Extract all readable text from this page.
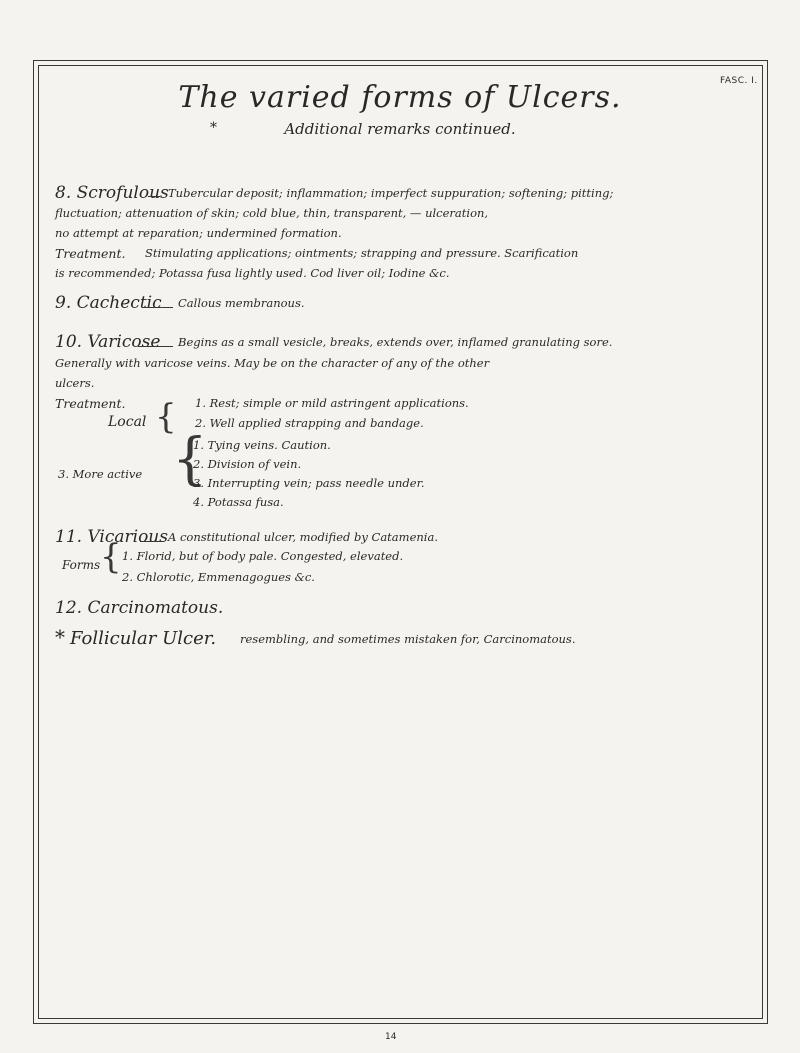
FASC. I.
The varied forms of Ulcers.
*	Additional remarks continued.
8. Scrofulous Tubercular deposit; inflammation; imperfect suppuration; softening; pitting;
fluctuation; attenuation of skin; cold blue, thin, transparent, — ulceration,
no attempt at reparation; undermined formation.
Treatment. Stimulating applications; ointments; strapping and pressure. Scarification
is recommended; Potassa fusa lightly used. Cod liver oil; Iodine &c.
9. Cachectic Callous membranous.
10. Varicose Begins as a small vesicle, breaks, extends over, inflamed granulating sore.
Generally with varicose veins. May be on the character of any of the other
ulcers.
Treatment.	1. Rest; simple or mild astringent applications.
Local { 2. Well applied strapping and bandage.
3. More active {
1. Tying veins. Caution.
2. Division of vein.
3. Interrupting vein; pass needle under.
4. Potassa fusa.
11. Vicarious A constitutional ulcer, modified by Catamenia.
Forms { 1. Florid, but of body pale. Congested, elevated.
2. Chlorotic, Emmenagogues &c.
12. Carcinomatous.
* Follicular Ulcer. resembling, and sometimes mistaken for, Carcinomatous.
14
